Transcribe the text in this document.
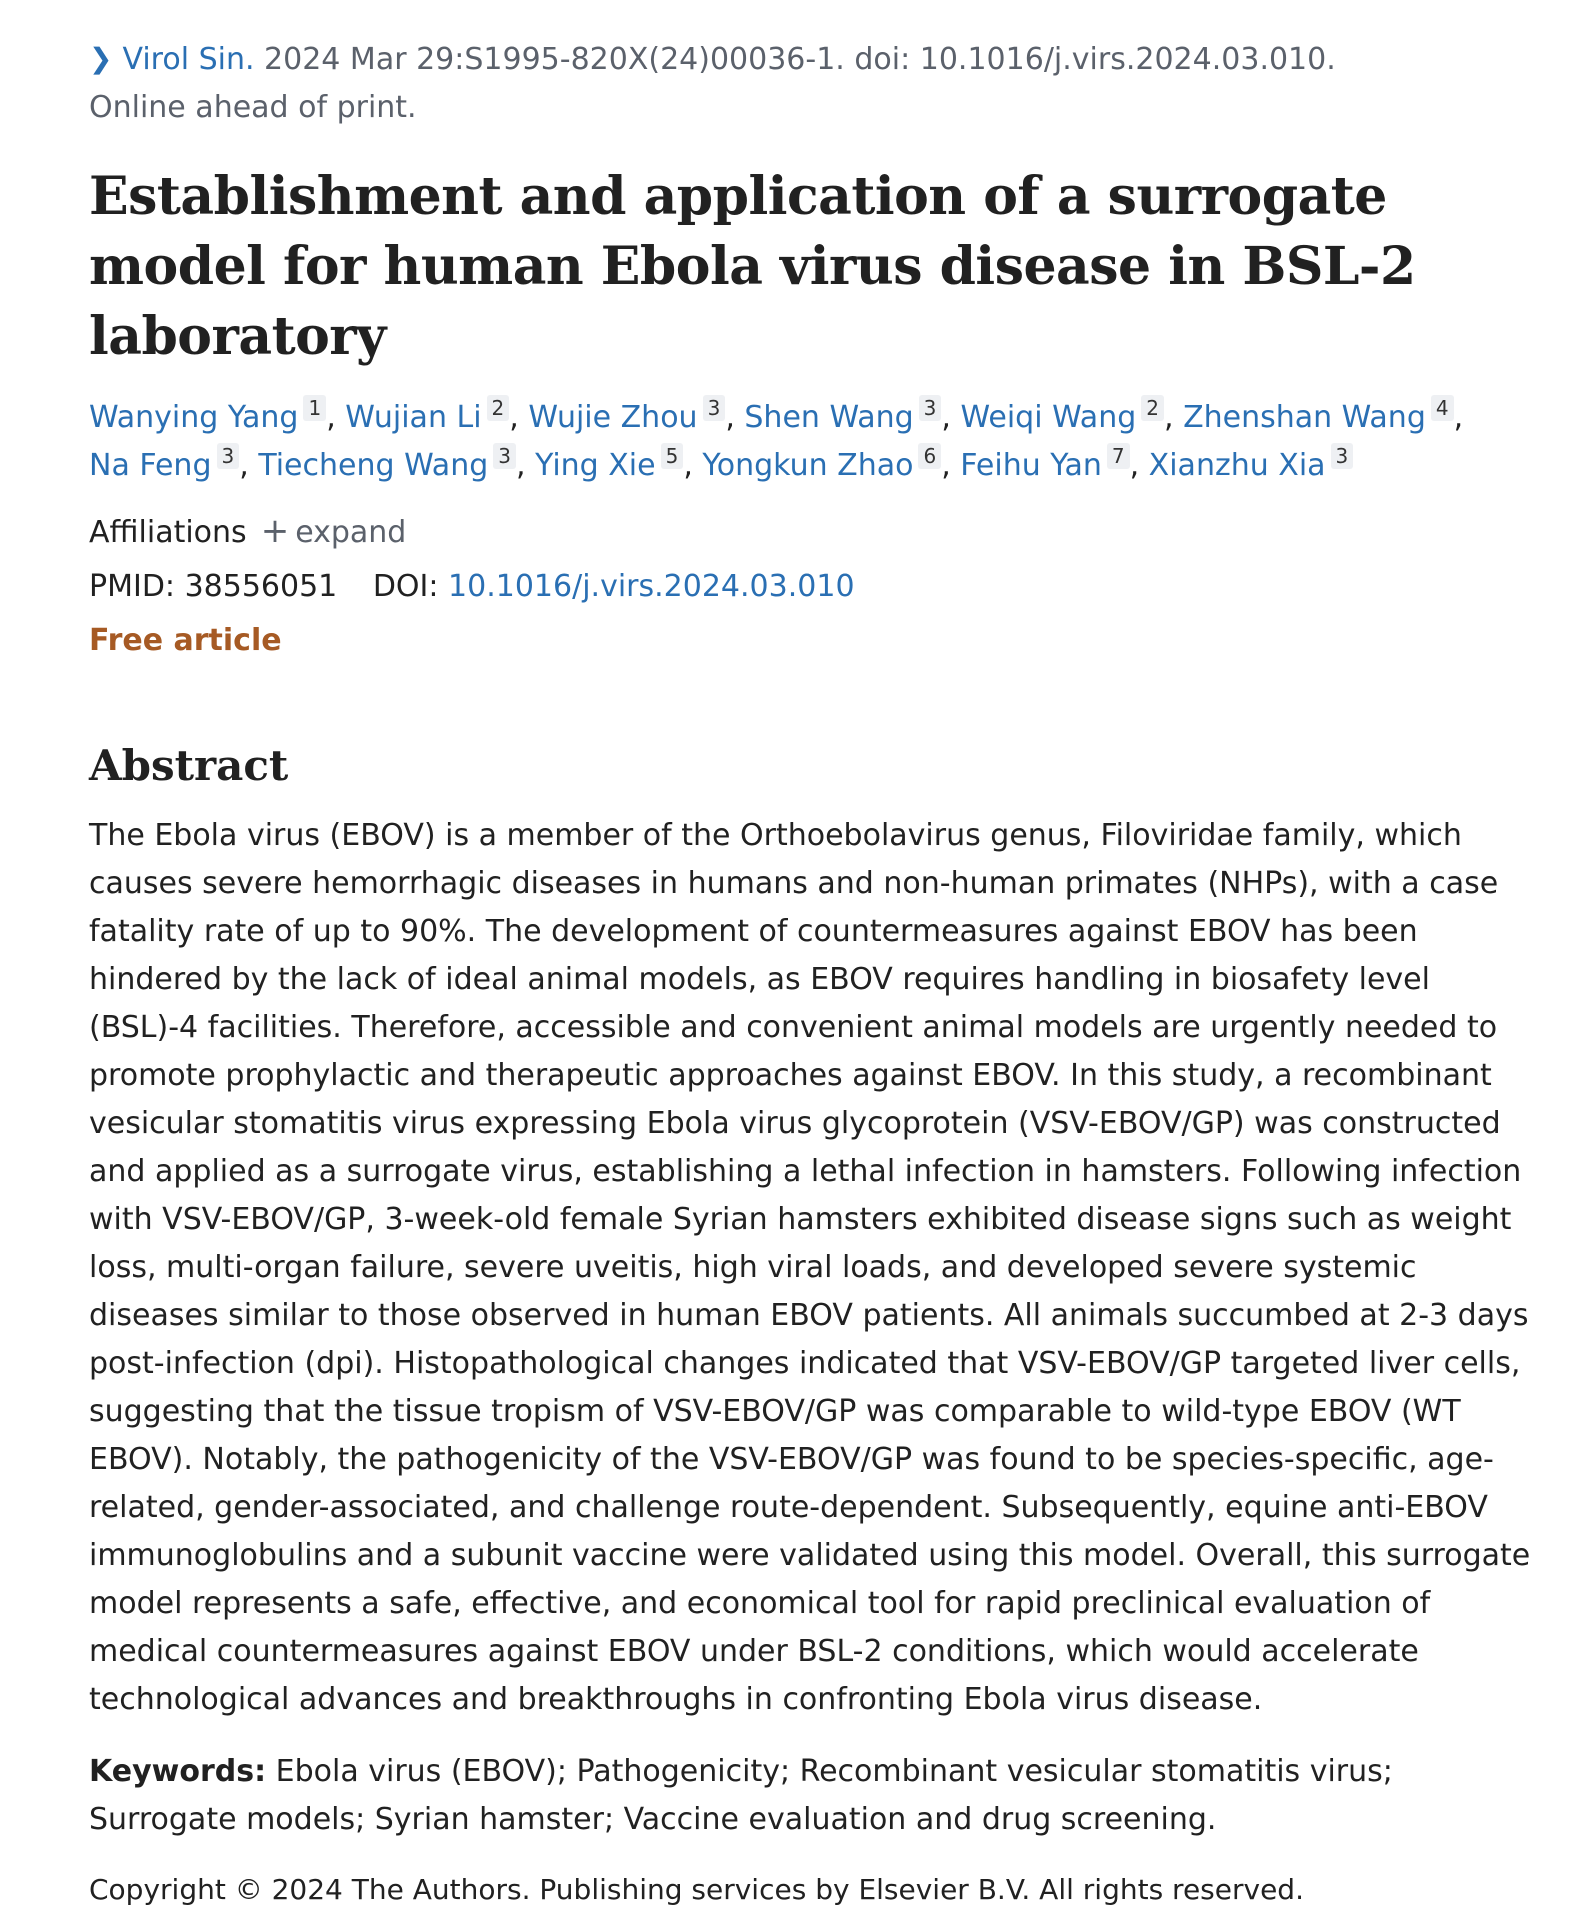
❯ Virol Sin. 2024 Mar 29:S1995-820X(24)00036-1. doi: 10.1016/j.virs.2024.03.010.
Online ahead of print.
Establishment and application of a surrogate model for human Ebola virus disease in BSL-2 laboratory
Wanying Yang 1 , Wujian Li 2 , Wujie Zhou 3 , Shen Wang 3 , Weiqi Wang 2 , Zhenshan Wang 4 ,
Na Feng 3 , Tiecheng Wang 3 , Ying Xie 5 , Yongkun Zhao 6 , Feihu Yan 7 , Xianzhu Xia 3
Affiliations + expand
PMID: 38556051 DOI: 10.1016/j.virs.2024.03.010
Free article
Abstract

The Ebola virus (EBOV) is a member of the Orthoebolavirus genus, Filoviridae family, which causes severe hemorrhagic diseases in humans and non-human primates (NHPs), with a case fatality rate of up to 90%. The development of countermeasures against EBOV has been hindered by the lack of ideal animal models, as EBOV requires handling in biosafety level (BSL)-4 facilities. Therefore, accessible and convenient animal models are urgently needed to promote prophylactic and therapeutic approaches against EBOV. In this study, a recombinant vesicular stomatitis virus expressing Ebola virus glycoprotein (VSV-EBOV/GP) was constructed and applied as a surrogate virus, establishing a lethal infection in hamsters. Following infection with VSV-EBOV/GP, 3-week-old female Syrian hamsters exhibited disease signs such as weight loss, multi-organ failure, severe uveitis, high viral loads, and developed severe systemic diseases similar to those observed in human EBOV patients. All animals succumbed at 2-3 days post-infection (dpi). Histopathological changes indicated that VSV-EBOV/GP targeted liver cells, suggesting that the tissue tropism of VSV-EBOV/GP was comparable to wild-type EBOV (WT EBOV). Notably, the pathogenicity of the VSV-EBOV/GP was found to be species-specific, age-related, gender-associated, and challenge route-dependent. Subsequently, equine anti-EBOV immunoglobulins and a subunit vaccine were validated using this model. Overall, this surrogate model represents a safe, effective, and economical tool for rapid preclinical evaluation of medical countermeasures against EBOV under BSL-2 conditions, which would accelerate technological advances and breakthroughs in confronting Ebola virus disease.

Keywords: Ebola virus (EBOV); Pathogenicity; Recombinant vesicular stomatitis virus; Surrogate models; Syrian hamster; Vaccine evaluation and drug screening.
Copyright © 2024 The Authors. Publishing services by Elsevier B.V. All rights reserved.
